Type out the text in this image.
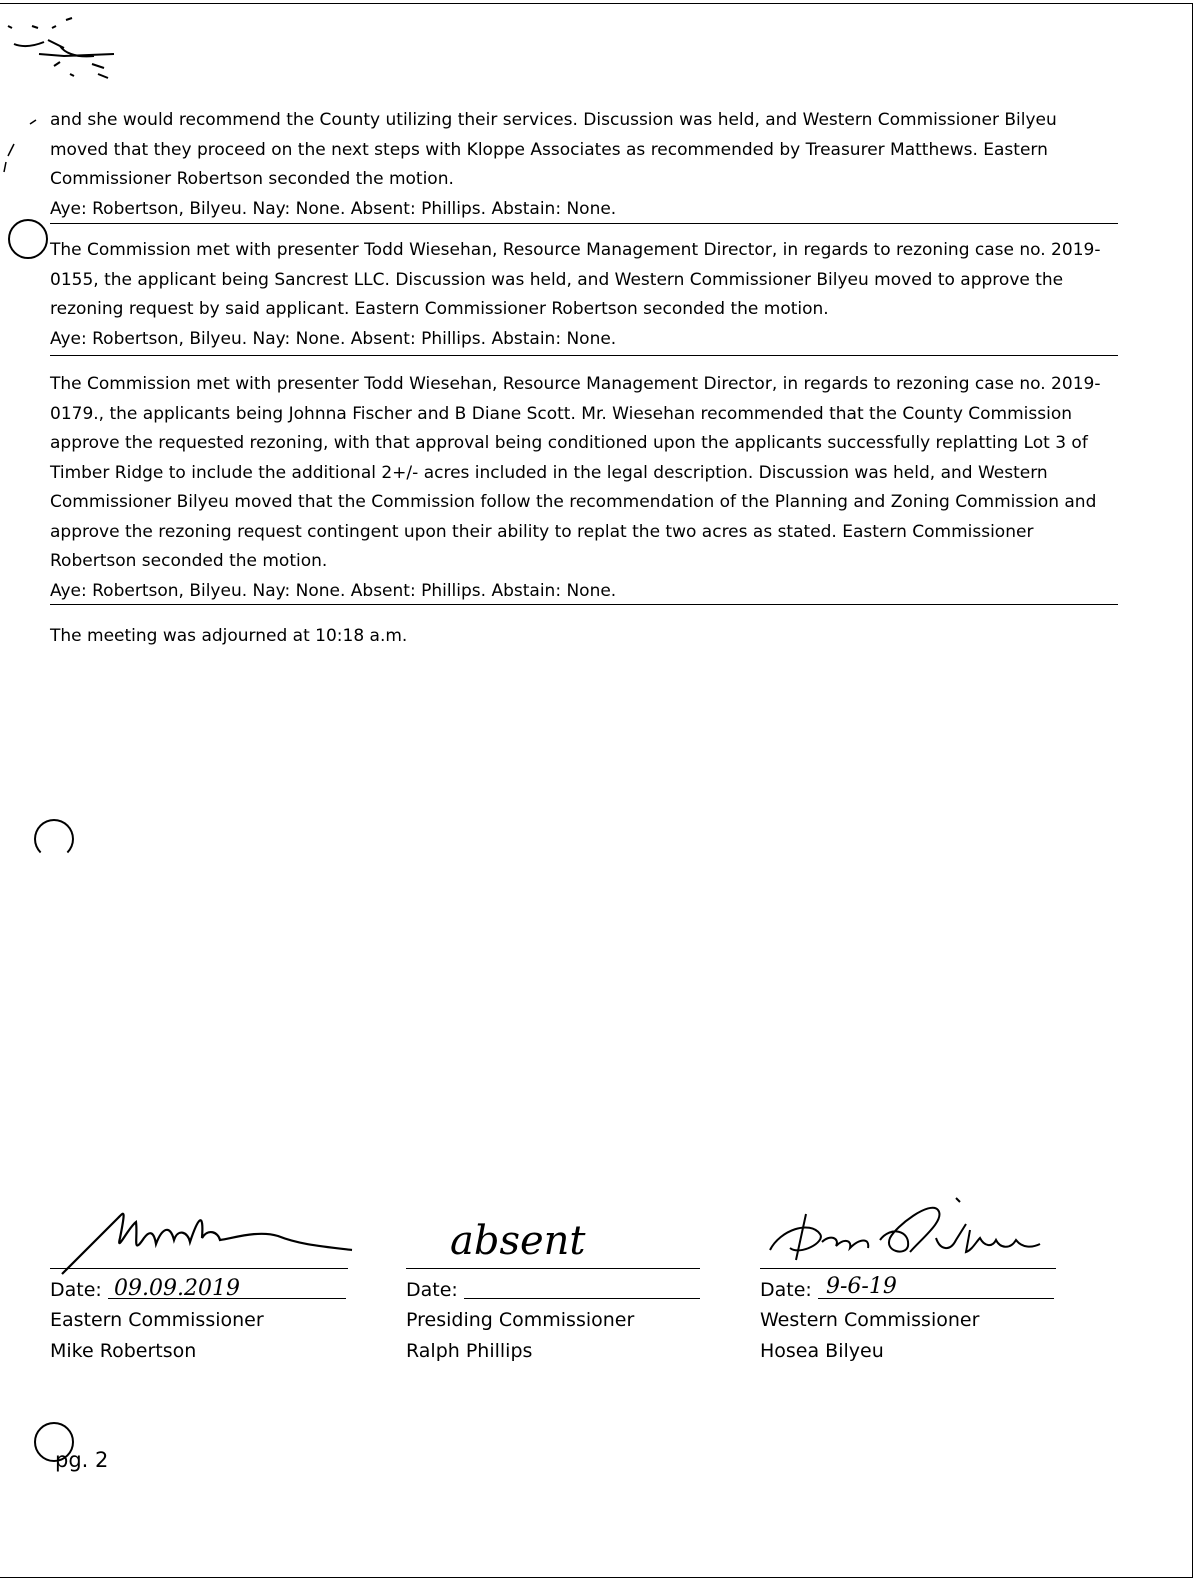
and she would recommend the County utilizing their services. Discussion was held, and Western Commissioner Bilyeu moved that they proceed on the next steps with Kloppe Associates as recommended by Treasurer Matthews. Eastern Commissioner Robertson seconded the motion.

Aye: Robertson, Bilyeu. Nay: None. Absent: Phillips. Abstain: None.

The Commission met with presenter Todd Wiesehan, Resource Management Director, in regards to rezoning case no. 2019-0155, the applicant being Sancrest LLC. Discussion was held, and Western Commissioner Bilyeu moved to approve the rezoning request by said applicant. Eastern Commissioner Robertson seconded the motion.

Aye: Robertson, Bilyeu. Nay: None. Absent: Phillips. Abstain: None.

The Commission met with presenter Todd Wiesehan, Resource Management Director, in regards to rezoning case no. 2019-0179., the applicants being Johnna Fischer and B Diane Scott. Mr. Wiesehan recommended that the County Commission approve the requested rezoning, with that approval being conditioned upon the applicants successfully replatting Lot 3 of Timber Ridge to include the additional 2+/- acres included in the legal description. Discussion was held, and Western Commissioner Bilyeu moved that the Commission follow the recommendation of the Planning and Zoning Commission and approve the rezoning request contingent upon their ability to replat the two acres as stated. Eastern Commissioner Robertson seconded the motion.

Aye: Robertson, Bilyeu. Nay: None. Absent: Phillips. Abstain: None.

The meeting was adjourned at 10:18 a.m.

Date: 09.09.2019
Eastern Commissioner
Mike Robertson
absent
Date:
Presiding Commissioner
Ralph Phillips
Date: 9-6-19
Western Commissioner
Hosea Bilyeu
pg. 2
